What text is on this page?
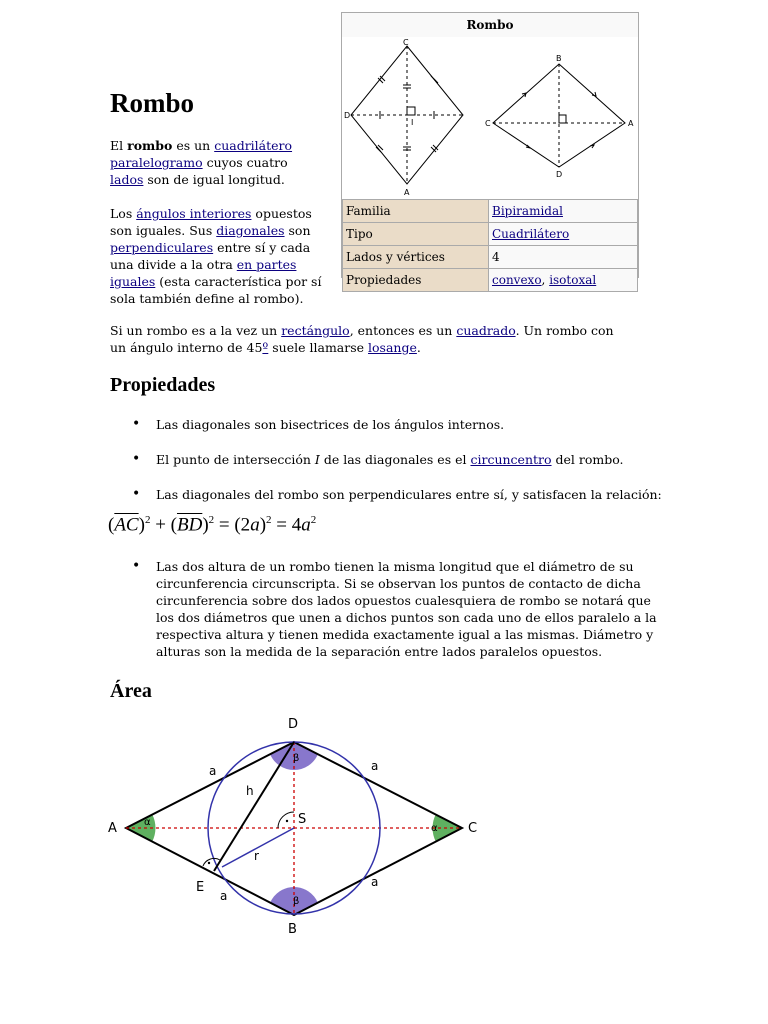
Rombo

El rombo es un cuadrilátero paralelogramo cuyos cuatro lados son de igual longitud.

Los ángulos interiores opuestos son iguales. Sus diagonales son perpendiculares entre sí y cada una divide a la otra en partes iguales (esta característica por sí sola también define al rombo).

Si un rombo es a la vez un rectángulo, entonces es un cuadrado. Un rombo con un ángulo interno de 45º suele llamarse losange.

Rombo
C
D
A
I
B
C	A
D
Familia	Bipiramidal
Tipo	Cuadrilátero
Lados y vértices	4
Propiedades	convexo, isotoxal
Propiedades
• Las diagonales son bisectrices de los ángulos internos.
• El punto de intersección I de las diagonales es el circuncentro del rombo.
• Las diagonales del rombo son perpendiculares entre sí, y satisfacen la relación:
$(\overline{AC})^2 + (\overline{BD})^2 = (2a)^2 = 4a^2$
• Las dos altura de un rombo tienen la misma longitud que el diámetro de su circunferencia circunscripta. Si se observan los puntos de contacto de dicha circunferencia sobre dos lados opuestos cualesquiera de rombo se notará que los dos diámetros que unen a dichos puntos son cada uno de ellos paralelo a la respectiva altura y tienen medida exactamente igual a las mismas. Diámetro y alturas son la medida de la separación entre lados paralelos opuestos.
Área
D
A	C
B
E
S
a	a
a
a
h
r
α
α
β
β
